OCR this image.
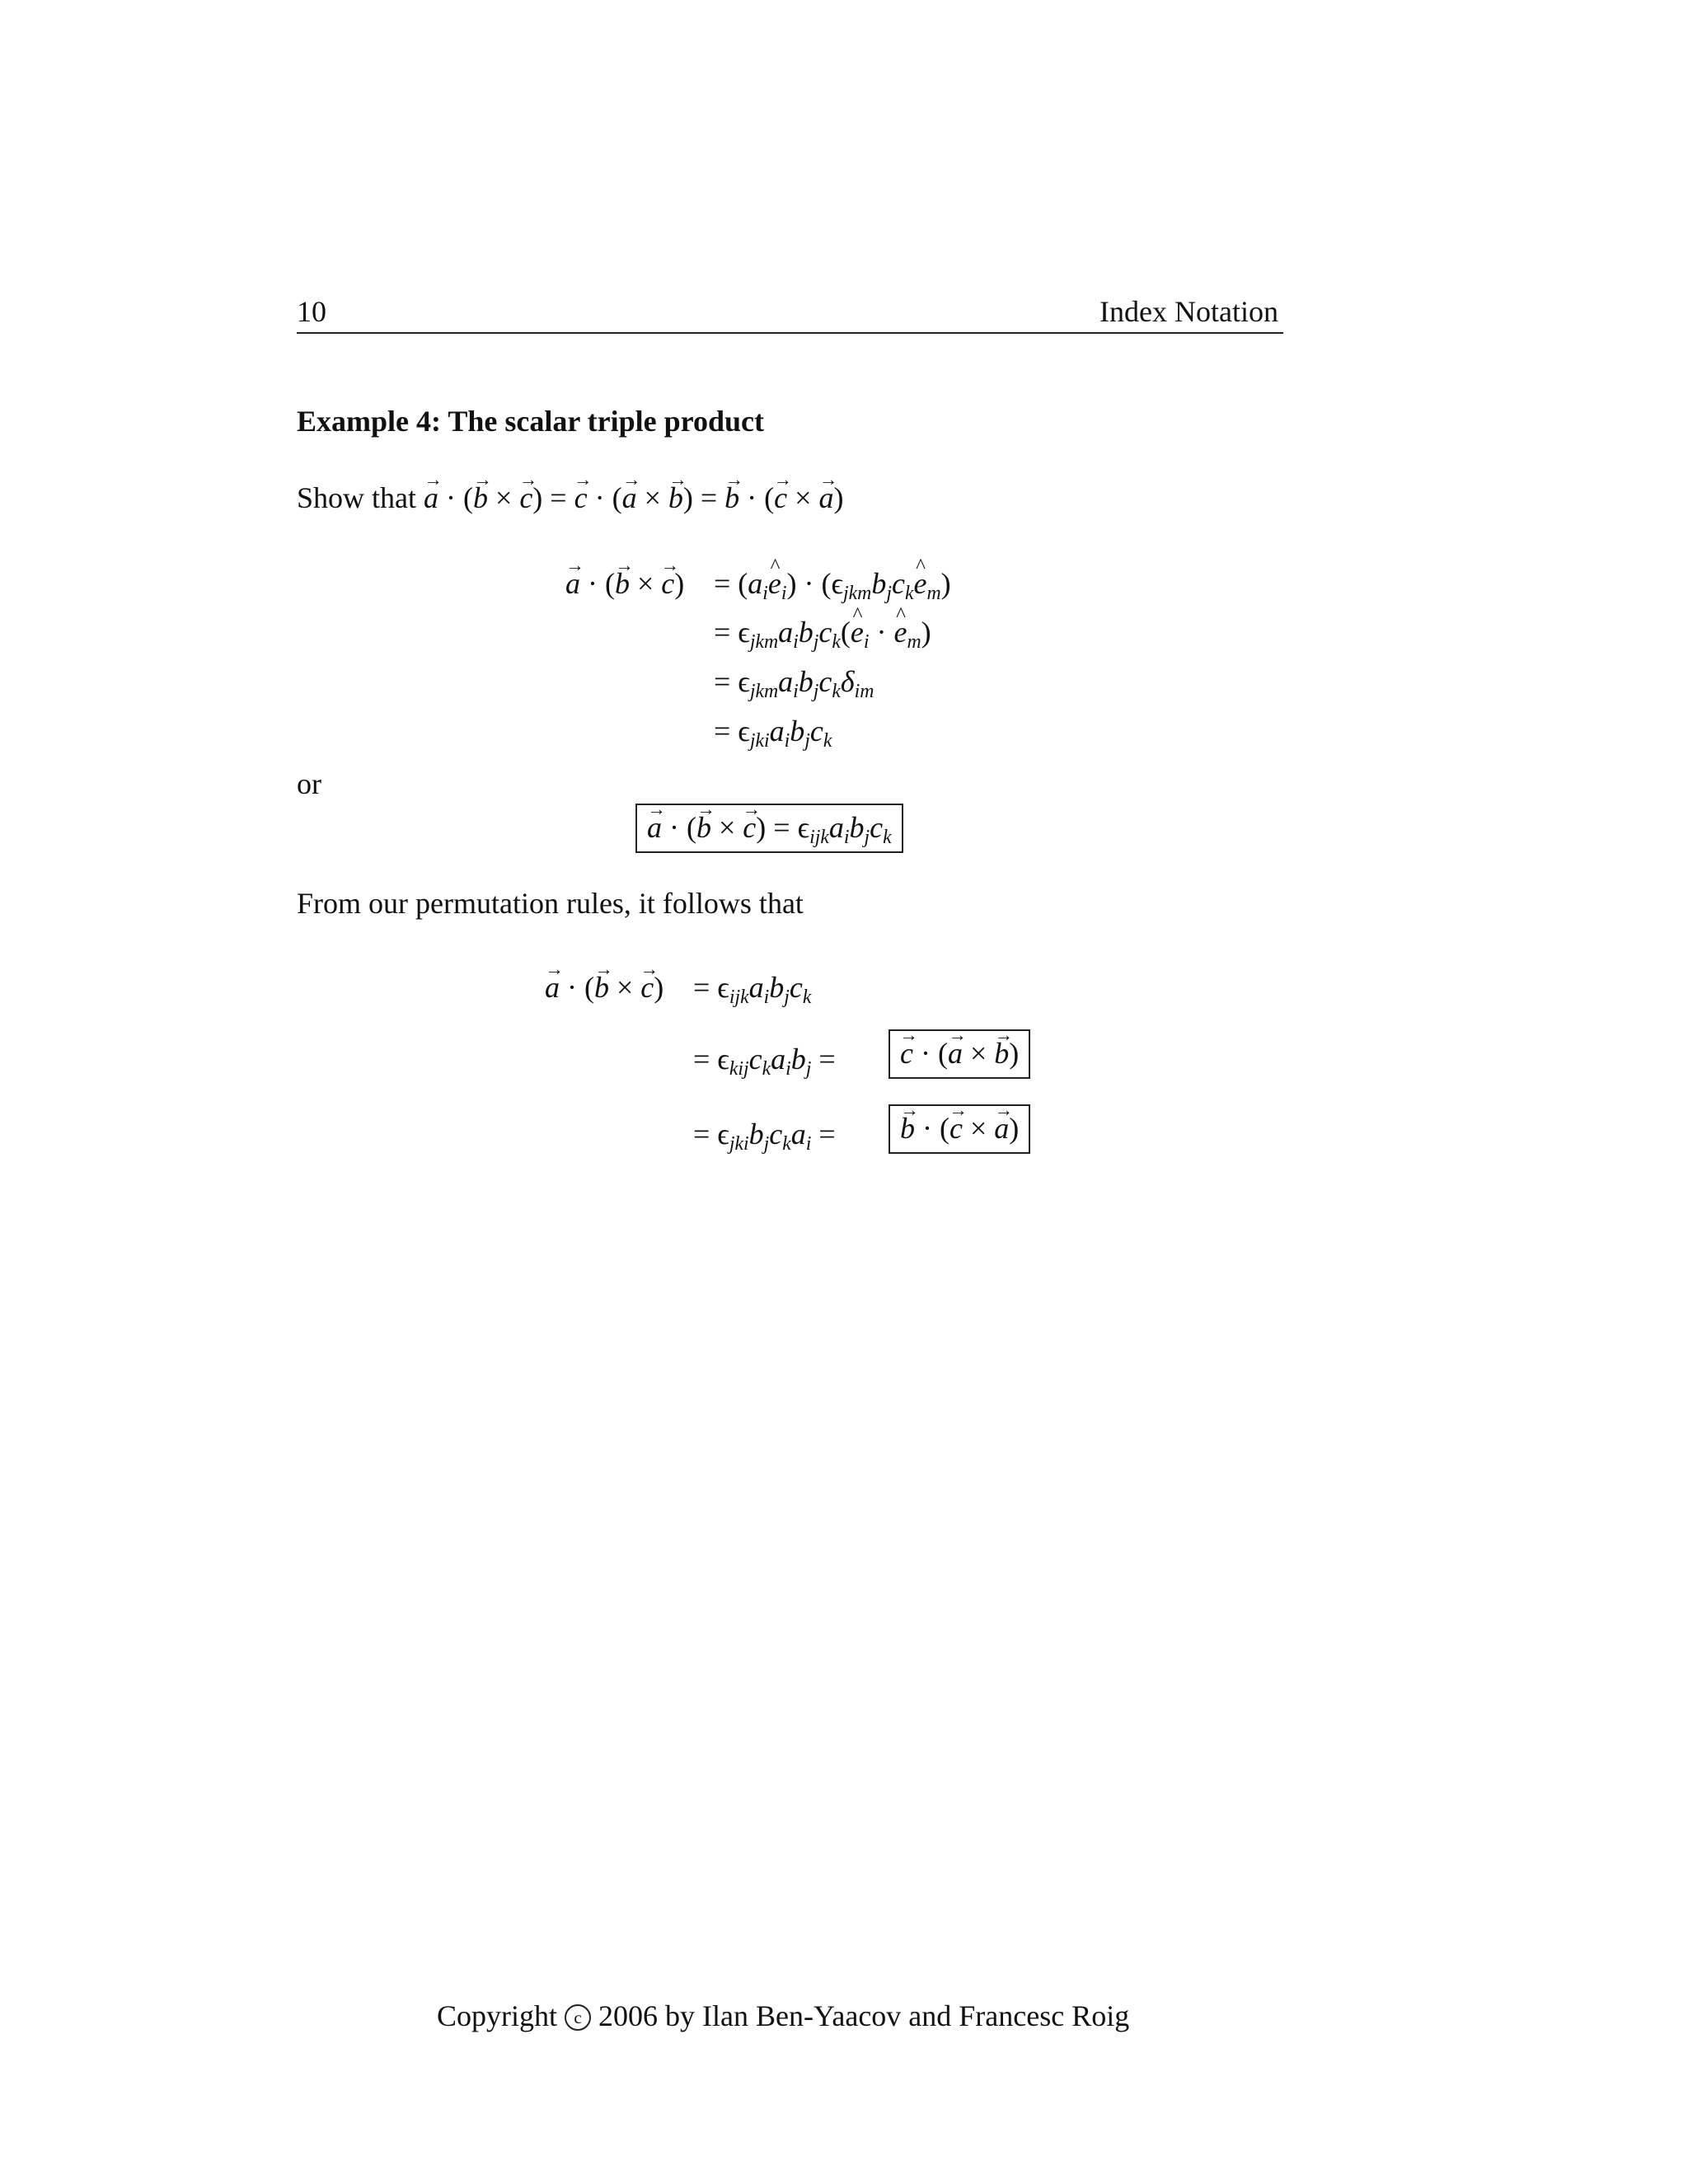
10	Index Notation
Example 4: The scalar triple product
Show that → a · (→ b × → c) = → c · (→ a × → b) = → b · (→ c × → a)
→ a · (→ b × → $c) = (a_i\^{}$ $e_i$) · ($\epsilon_{jkm}b_jc_k\^{}$ $e_m$)
= $\epsilon_{jkm}a_ib_jc_k(\^{}$ $e_i$ · ^ $e_m$)
= $\epsilon_{jkm}a_ib_jc_k\delta_{im}$
= $\epsilon_{jki}a_ib_jc_k$
or
→ a · (→ b × → $c) = \epsilon_{ijk}a_ib_jc_k$
From our permutation rules, it follows that
→ a · (→ b × → $c) = \epsilon_{ijk}a_ib_jc_k$
= $\epsilon_{kij}c_ka_ib_j$ =	→ c · (→ a × → b)
= $\epsilon_{jki}b_jc_ka_i$ =	→ b · (→ c × → a)
Copyright c 2006 by Ilan Ben-Yaacov and Francesc Roig
